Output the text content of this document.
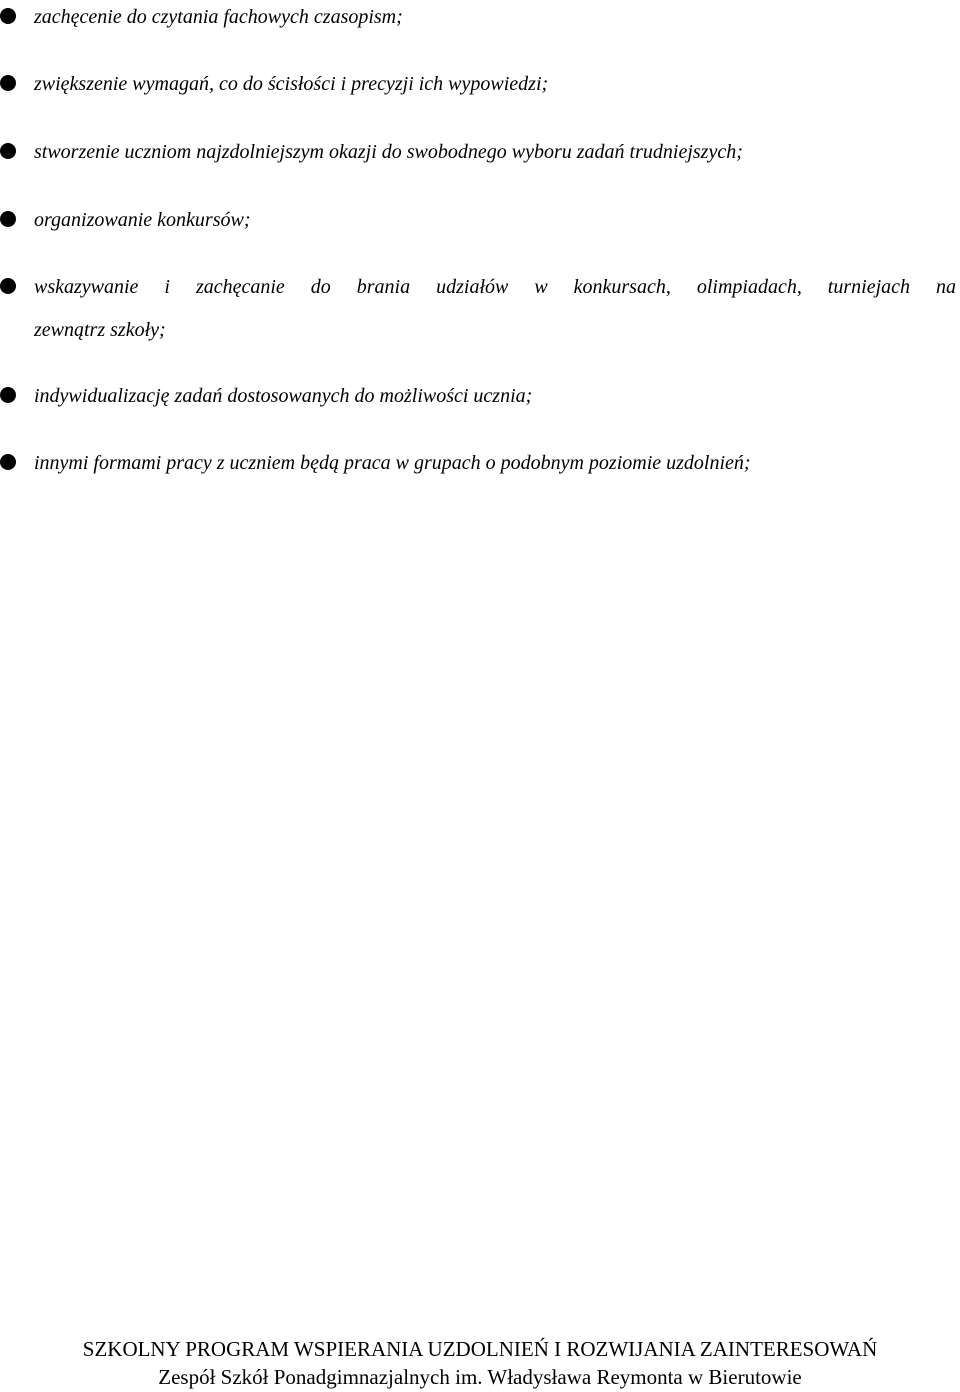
zachęcenie do czytania fachowych czasopism;
zwiększenie wymagań, co do ścisłości i precyzji ich wypowiedzi;
stworzenie uczniom najzdolniejszym okazji do swobodnego wyboru zadań trudniejszych;
organizowanie konkursów;
wskazywanie i zachęcanie do brania udziałów w konkursach, olimpiadach, turniejach na
zewnątrz szkoły;
indywidualizację zadań dostosowanych do możliwości ucznia;
innymi formami pracy z uczniem będą praca w grupach o podobnym poziomie uzdolnień;
SZKOLNY PROGRAM WSPIERANIA UZDOLNIEŃ I ROZWIJANIA ZAINTERESOWAŃ
Zespół Szkół Ponadgimnazjalnych im. Władysława Reymonta w Bierutowie
